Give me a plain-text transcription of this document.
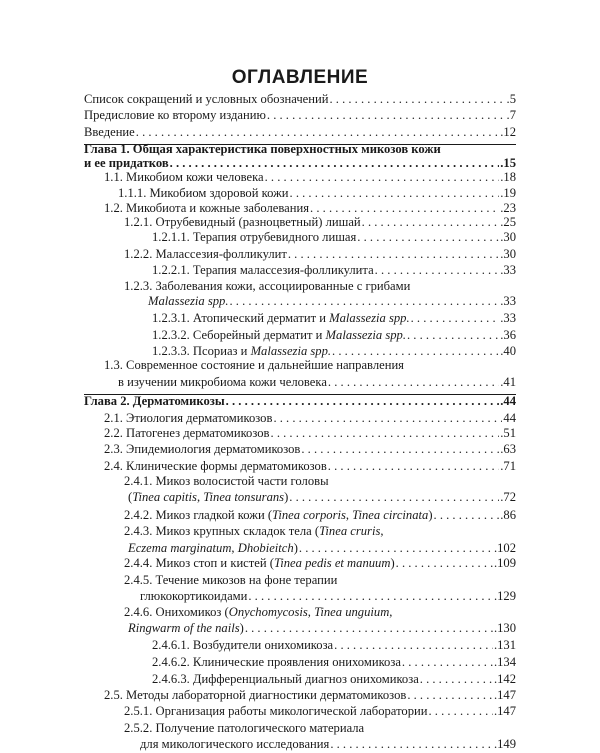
ОГЛАВЛЕНИЕ
Список сокращений и условных обозначений . . .	.5
Предисловие ко второму изданию . . .	.7
Введение . . .	.12
Глава 1. Общая характеристика поверхностных микозов кожи
и ее придатков . . .	.15
1.1. Микобиом кожи человека . . .	.18
1.1.1. Микобиом здоровой кожи . . .	.19
1.2. Микобиота и кожные заболевания . . .	.23
1.2.1. Отрубевидный (разноцветный) лишай . . .	.25
1.2.1.1. Терапия отрубевидного лишая . . .	.30
1.2.2. Малассезия-фолликулит . . .	.30
1.2.2.1. Терапия малассезия-фолликулита . . .	.33
1.2.3. Заболевания кожи, ассоциированные с грибами
Malassezia spp. . . .	.33
1.2.3.1. Атопический дерматит и Malassezia spp. . . .	.33
1.2.3.2. Себорейный дерматит и Malassezia spp. . . .	.36
1.2.3.3. Псориаз и Malassezia spp. . . .	.40
1.3. Современное состояние и дальнейшие направления
в изучении микробиома кожи человека . . .	.41
Глава 2. Дерматомикозы . . .	.44
2.1. Этиология дерматомикозов . . .	44
2.2. Патогенез дерматомикозов . . .	.51
2.3. Эпидемиология дерматомикозов . . .	.63
2.4. Клинические формы дерматомикозов . . .	.71
2.4.1. Микоз волосистой части головы
(Tinea capitis, Tinea tonsurans) . . .	.72
2.4.2. Микоз гладкой кожи (Tinea corporis, Tinea circinata) . . .	.86
2.4.3. Микоз крупных складок тела (Tinea cruris,
Eczema marginatum, Dhobieitch) . . .	.102
2.4.4. Микоз стоп и кистей (Tinea pedis et manuum) . . .	.109
2.4.5. Течение микозов на фоне терапии
глюкокортикоидами . . .	.129
2.4.6. Онихомикоз (Onychomycosis, Tinea unguium,
Ringwarm of the nails) . . .	.130
2.4.6.1. Возбудители онихомикоза . . .	.131
2.4.6.2. Клинические проявления онихомикоза . . .	.134
2.4.6.3. Дифференциальный диагноз онихомикоза . . .	.142
2.5. Методы лабораторной диагностики дерматомикозов . . .	.147
2.5.1. Организация работы микологической лаборатории . . .	.147
2.5.2. Получение патологического материала
для микологического исследования . . .	.149
